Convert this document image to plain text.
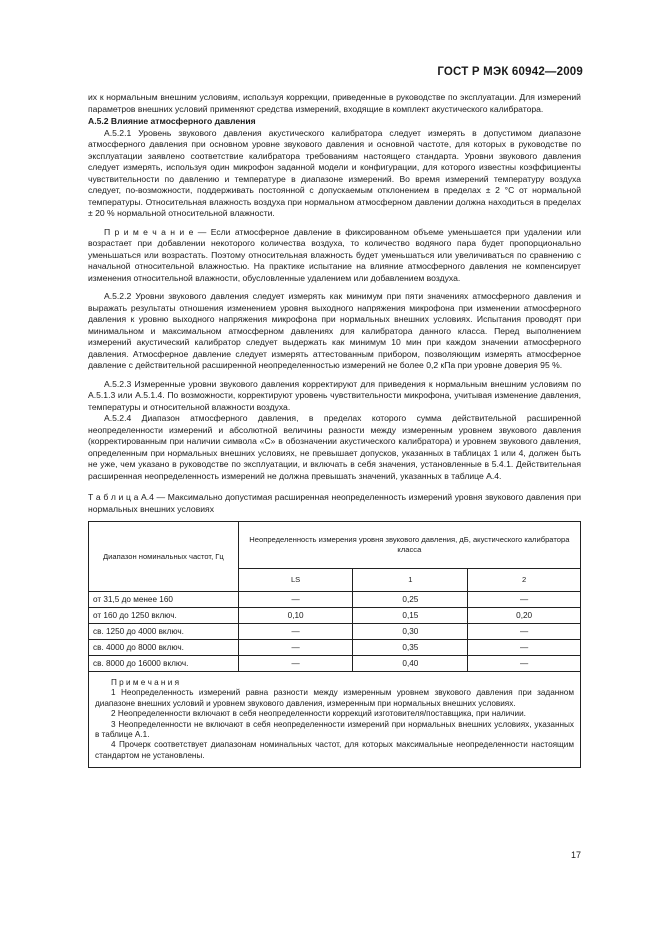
ГОСТ Р МЭК 60942—2009

их к нормальным внешним условиям, используя коррекции, приведенные в руководстве по эксплуатации. Для измерений параметров внешних условий применяют средства измерений, входящие в комплект акустического калибратора.

А.5.2 Влияние атмосферного давления

А.5.2.1 Уровень звукового давления акустического калибратора следует измерять в допустимом диапазоне атмосферного давления при основном уровне звукового давления и основной частоте, для которых в руководстве по эксплуатации заявлено соответствие калибратора требованиям настоящего стандарта. Уровни звукового давления следует измерять, используя один микрофон заданной модели и конфигурации, для которого известны коэффициенты чувствительности по давлению и температуре в диапазоне измерений. Во время измерений температуру воздуха следует, по-возможности, поддерживать постоянной с допускаемым отклонением в пределах ± 2 °С от нормальной температуры. Относительная влажность воздуха при нормальном атмосферном давлении должна находиться в пределах ± 20 % нормальной относительной влажности.

П р и м е ч а н и е — Если атмосферное давление в фиксированном объеме уменьшается при удалении или возрастает при добавлении некоторого количества воздуха, то количество водяного пара будет пропорционально уменьшаться или возрастать. Поэтому относительная влажность будет уменьшаться или увеличиваться по сравнению с начальной относительной влажностью. На практике испытание на влияние атмосферного давления не компенсирует изменения относительной влажности, обусловленные удалением или добавлением воздуха.

А.5.2.2 Уровни звукового давления следует измерять как минимум при пяти значениях атмосферного давления и выражать результаты отношения изменением уровня выходного напряжения микрофона при изменении атмосферного давления к уровню выходного напряжения микрофона при нормальных внешних условиях. Испытания проводят при минимальном и максимальном атмосферном давлениях для калибратора данного класса. Перед выполнением измерений акустический калибратор следует выдержать как минимум 10 мин при каждом значении атмосферного давления. Атмосферное давление следует измерять аттестованным прибором, позволяющим измерять атмосферное давление с действительной расширенной неопределенностью измерений не более 0,2 кПа при уровне доверия 95 %.

А.5.2.3 Измеренные уровни звукового давления корректируют для приведения к нормальным внешним условиям по А.5.1.3 или А.5.1.4. По возможности, корректируют уровень чувствительности микрофона, учитывая изменение давления, температуры и относительной влажности воздуха.

А.5.2.4 Диапазон атмосферного давления, в пределах которого сумма действительной расширенной неопределенности измерений и абсолютной величины разности между измеренным уровнем звукового давления (корректированным при наличии символа «С» в обозначении акустического калибратора) и уровнем звукового давления, определенным при нормальных внешних условиях, не превышает допусков, указанных в таблицах 1 или 4, должен быть не уже, чем указано в руководстве по эксплуатации, и включать в себя значения, установленные в 5.4.1. Действительная расширенная неопределенность измерений не должна превышать значений, указанных в таблице А.4.

Т а б л и ц а А.4 — Максимально допустимая расширенная неопределенность измерений уровня звукового давления при нормальных внешних условиях

Диапазон номинальных частот, Гц	Неопределенность измерения уровня звукового давления, дБ, акустического калибратора класса		
	LS	1	2
от 31,5 до менее 160	—	0,25	—
от 160 до 1250 включ.	0,10	0,15	0,20
св. 1250 до 4000 включ.	—	0,30	—
св. 4000 до 8000 включ.	—	0,35	—
св. 8000 до 16000 включ.	—	0,40	—

П р и м е ч а н и я

1 Неопределенность измерений равна разности между измеренным уровнем звукового давления при заданном диапазоне внешних условий и уровнем звукового давления, измеренным при нормальных внешних условиях.

2 Неопределенности включают в себя неопределенности коррекций изготовителя/поставщика, при наличии.

3 Неопределенности не включают в себя неопределенности измерений при нормальных внешних условиях, указанных в таблице А.1.

4 Прочерк соответствует диапазонам номинальных частот, для которых максимальные неопределенности настоящим стандартом не установлены.			

17
